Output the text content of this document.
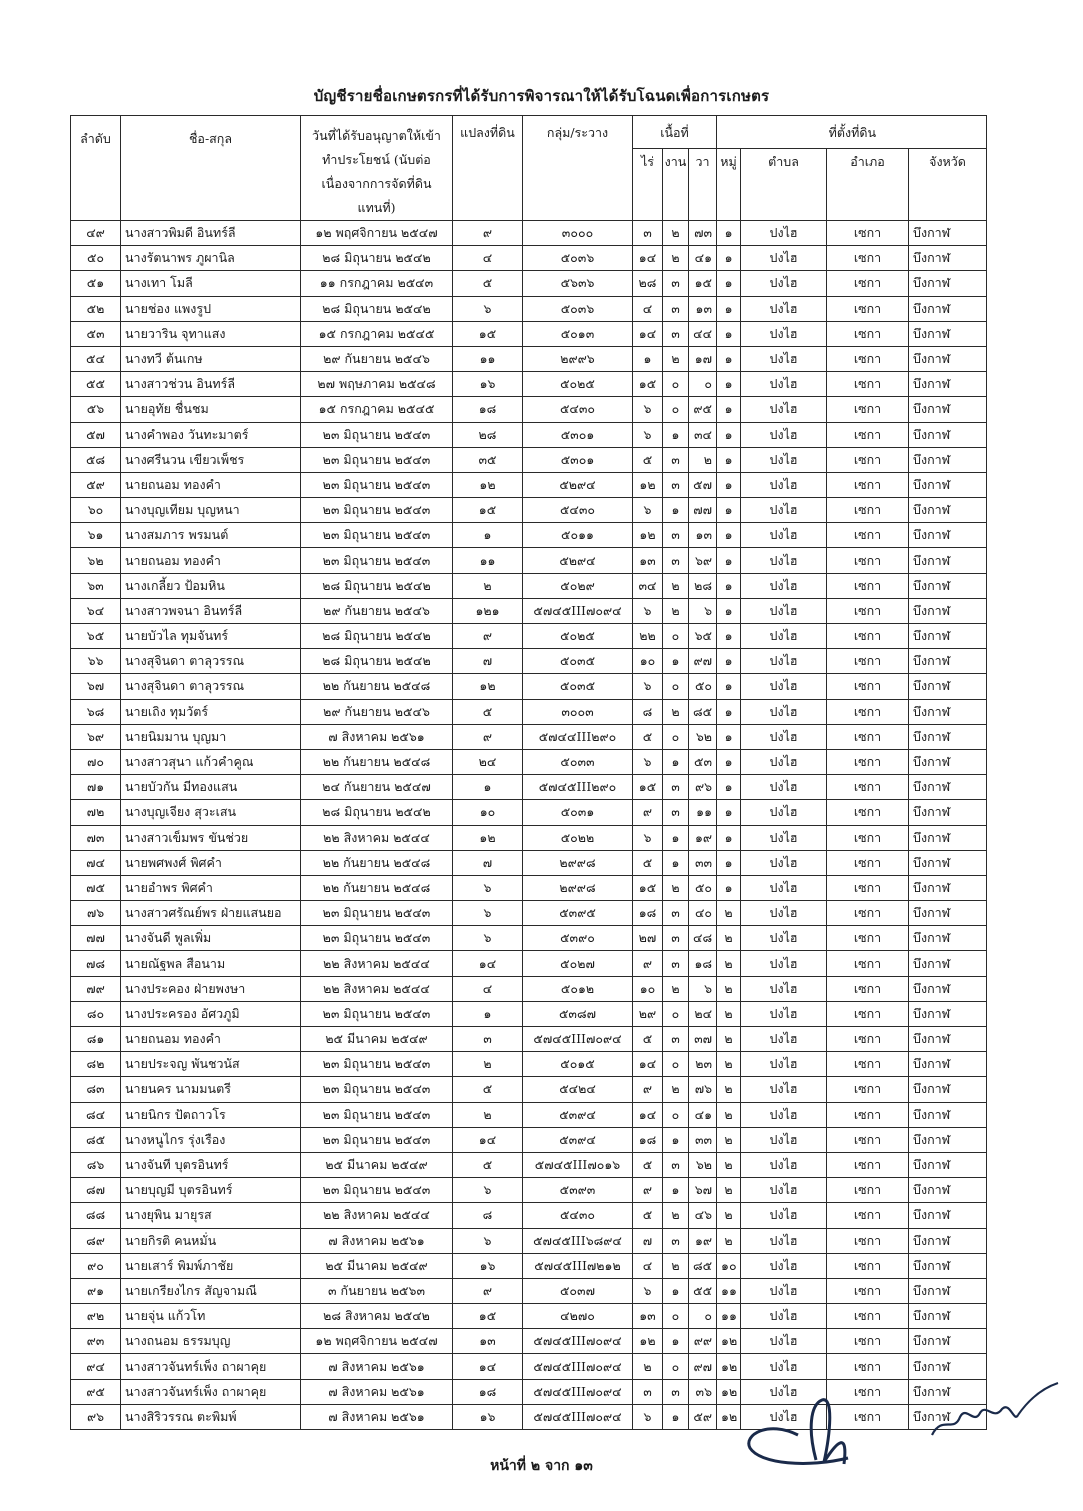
บัญชีรายชื่อเกษตรกรที่ได้รับการพิจารณาให้ได้รับโฉนดเพื่อการเกษตร
ลำดับ	ชื่อ-สกุล	วันที่ได้รับอนุญาตให้เข้าทำประโยชน์ (นับต่อเนื่องจากการจัดที่ดินแทนที่)	แปลงที่ดิน	กลุ่ม/ระวาง	เนื้อที่			ที่ตั้งที่ดิน			
					ไร่	งาน	วา	หมู่	ตำบล	อำเภอ	จังหวัด
๔๙	นางสาวพิมดี อินทร์ลี	๑๒ พฤศจิกายน ๒๕๔๗	๙	๓๐๐๐	๓	๒	๗๓	๑	ปงไฮ	เซกา	บึงกาฬ
๕๐	นางรัตนาพร ภูผานิล	๒๘ มิถุนายน ๒๕๔๒	๔	๕๐๓๖	๑๔	๒	๔๑	๑	ปงไฮ	เซกา	บึงกาฬ
๕๑	นางเทา โมลี	๑๑ กรกฎาคม ๒๕๔๓	๕	๕๖๓๖	๒๘	๓	๑๕	๑	ปงไฮ	เซกา	บึงกาฬ
๕๒	นายช่อง แพงรูป	๒๘ มิถุนายน ๒๕๔๒	๖	๕๐๓๖	๔	๓	๑๓	๑	ปงไฮ	เซกา	บึงกาฬ
๕๓	นายวาริน จุทาแสง	๑๕ กรกฎาคม ๒๕๔๕	๑๕	๕๐๑๓	๑๔	๓	๔๔	๑	ปงไฮ	เซกา	บึงกาฬ
๕๔	นางทวี ต้นเกษ	๒๙ กันยายน ๒๕๔๖	๑๑	๒๙๙๖	๑	๒	๑๗	๑	ปงไฮ	เซกา	บึงกาฬ
๕๕	นางสาวช่วน อินทร์ลี	๒๗ พฤษภาคม ๒๕๔๘	๑๖	๕๐๒๕	๑๕	๐	๐	๑	ปงไฮ	เซกา	บึงกาฬ
๕๖	นายอุทัย ชื่นชม	๑๕ กรกฎาคม ๒๕๔๕	๑๘	๕๔๓๐	๖	๐	๙๕	๑	ปงไฮ	เซกา	บึงกาฬ
๕๗	นางคำพอง วันทะมาตร์	๒๓ มิถุนายน ๒๕๔๓	๒๘	๕๓๐๑	๖	๑	๓๔	๑	ปงไฮ	เซกา	บึงกาฬ
๕๘	นางศรีนวน เขียวเพ็ชร	๒๓ มิถุนายน ๒๕๔๓	๓๕	๕๓๐๑	๕	๓	๒	๑	ปงไฮ	เซกา	บึงกาฬ
๕๙	นายถนอม ทองคำ	๒๓ มิถุนายน ๒๕๔๓	๑๒	๕๒๙๔	๑๒	๓	๕๗	๑	ปงไฮ	เซกา	บึงกาฬ
๖๐	นางบุญเทียม บุญหนา	๒๓ มิถุนายน ๒๕๔๓	๑๕	๕๔๓๐	๖	๑	๗๗	๑	ปงไฮ	เซกา	บึงกาฬ
๖๑	นางสมภาร พรมนต์	๒๓ มิถุนายน ๒๕๔๓	๑	๕๐๑๑	๑๒	๓	๑๓	๑	ปงไฮ	เซกา	บึงกาฬ
๖๒	นายถนอม ทองคำ	๒๓ มิถุนายน ๒๕๔๓	๑๑	๕๒๙๔	๑๓	๓	๖๙	๑	ปงไฮ	เซกา	บึงกาฬ
๖๓	นางเกลี้ยว ป้อมหิน	๒๘ มิถุนายน ๒๕๔๒	๒	๕๐๒๙	๓๔	๒	๒๘	๑	ปงไฮ	เซกา	บึงกาฬ
๖๔	นางสาวพจนา อินทร์ลี	๒๙ กันยายน ๒๕๔๖	๑๒๑	๕๗๔๕III๗๐๙๔	๖	๒	๖	๑	ปงไฮ	เซกา	บึงกาฬ
๖๕	นายบัวไล ทุมจันทร์	๒๘ มิถุนายน ๒๕๔๒	๙	๕๐๒๕	๒๒	๐	๖๕	๑	ปงไฮ	เซกา	บึงกาฬ
๖๖	นางสุจินดา ตาลุวรรณ	๒๘ มิถุนายน ๒๕๔๒	๗	๕๐๓๕	๑๐	๑	๙๗	๑	ปงไฮ	เซกา	บึงกาฬ
๖๗	นางสุจินดา ตาลุวรรณ	๒๒ กันยายน ๒๕๔๘	๑๒	๕๐๓๕	๖	๐	๕๐	๑	ปงไฮ	เซกา	บึงกาฬ
๖๘	นายเถิง ทุมวัตร์	๒๙ กันยายน ๒๕๔๖	๕	๓๐๐๓	๘	๒	๘๕	๑	ปงไฮ	เซกา	บึงกาฬ
๖๙	นายนิมมาน บุญมา	๗ สิงหาคม ๒๕๖๑	๙	๕๗๔๔III๒๙๐	๕	๐	๖๒	๑	ปงไฮ	เซกา	บึงกาฬ
๗๐	นางสาวสุนา แก้วคำคูณ	๒๒ กันยายน ๒๕๔๘	๒๔	๕๐๓๓	๖	๑	๕๓	๑	ปงไฮ	เซกา	บึงกาฬ
๗๑	นายบัวกัน มีทองแสน	๒๔ กันยายน ๒๕๔๗	๑	๕๗๔๕III๒๙๐	๑๕	๓	๙๖	๑	ปงไฮ	เซกา	บึงกาฬ
๗๒	นางบุญเจียง สุวะเสน	๒๘ มิถุนายน ๒๕๔๒	๑๐	๕๐๓๑	๙	๓	๑๑	๑	ปงไฮ	เซกา	บึงกาฬ
๗๓	นางสาวเข็มพร ขันช่วย	๒๒ สิงหาคม ๒๕๔๔	๑๒	๕๐๒๒	๖	๑	๑๙	๑	ปงไฮ	เซกา	บึงกาฬ
๗๔	นายพศพงศ์ พิศคำ	๒๒ กันยายน ๒๕๔๘	๗	๒๙๙๘	๕	๑	๓๓	๑	ปงไฮ	เซกา	บึงกาฬ
๗๕	นายอำพร พิศคำ	๒๒ กันยายน ๒๕๔๘	๖	๒๙๙๘	๑๕	๒	๕๐	๑	ปงไฮ	เซกา	บึงกาฬ
๗๖	นางสาวศรัณย์พร ฝ่ายแสนยอ	๒๓ มิถุนายน ๒๕๔๓	๖	๕๓๙๕	๑๘	๓	๔๐	๒	ปงไฮ	เซกา	บึงกาฬ
๗๗	นางจันดี พูลเพิ่ม	๒๓ มิถุนายน ๒๕๔๓	๖	๕๓๙๐	๒๗	๓	๔๘	๒	ปงไฮ	เซกา	บึงกาฬ
๗๘	นายณัฐพล สือนาม	๒๒ สิงหาคม ๒๕๔๔	๑๔	๕๐๒๗	๙	๓	๑๘	๒	ปงไฮ	เซกา	บึงกาฬ
๗๙	นางประคอง ฝ่ายพงษา	๒๒ สิงหาคม ๒๕๔๔	๔	๕๐๑๒	๑๐	๒	๖	๒	ปงไฮ	เซกา	บึงกาฬ
๘๐	นางประครอง อัศวภูมิ	๒๓ มิถุนายน ๒๕๔๓	๑	๕๓๘๗	๒๙	๐	๒๔	๒	ปงไฮ	เซกา	บึงกาฬ
๘๑	นายถนอม ทองคำ	๒๕ มีนาคม ๒๕๔๙	๓	๕๗๔๕III๗๐๙๔	๕	๓	๓๗	๒	ปงไฮ	เซกา	บึงกาฬ
๘๒	นายประจญ พันชวนัส	๒๓ มิถุนายน ๒๕๔๓	๒	๕๐๑๕	๑๔	๐	๒๓	๒	ปงไฮ	เซกา	บึงกาฬ
๘๓	นายนคร นามมนตรี	๒๓ มิถุนายน ๒๕๔๓	๕	๕๔๒๔	๙	๒	๗๖	๒	ปงไฮ	เซกา	บึงกาฬ
๘๔	นายนิกร ปัตถาวโร	๒๓ มิถุนายน ๒๕๔๓	๒	๕๓๙๔	๑๔	๐	๔๑	๒	ปงไฮ	เซกา	บึงกาฬ
๘๕	นางหนูไกร รุ่งเรือง	๒๓ มิถุนายน ๒๕๔๓	๑๔	๕๓๙๔	๑๘	๑	๓๓	๒	ปงไฮ	เซกา	บึงกาฬ
๘๖	นางจันที บุตรอินทร์	๒๕ มีนาคม ๒๕๔๙	๕	๕๗๔๕III๗๐๑๖	๕	๓	๖๒	๒	ปงไฮ	เซกา	บึงกาฬ
๘๗	นายบุญมี บุตรอินทร์	๒๓ มิถุนายน ๒๕๔๓	๖	๕๓๙๓	๙	๑	๖๗	๒	ปงไฮ	เซกา	บึงกาฬ
๘๘	นางยุพิน มายุรส	๒๒ สิงหาคม ๒๕๔๔	๘	๕๔๓๐	๕	๒	๔๖	๒	ปงไฮ	เซกา	บึงกาฬ
๘๙	นายกิรติ คนหมั่น	๗ สิงหาคม ๒๕๖๑	๖	๕๗๔๕III๖๘๙๔	๗	๓	๑๙	๒	ปงไฮ	เซกา	บึงกาฬ
๙๐	นายเสาร์ พิมพ์ภาชัย	๒๕ มีนาคม ๒๕๔๙	๑๖	๕๗๔๕III๗๒๑๒	๔	๒	๘๕	๑๐	ปงไฮ	เซกา	บึงกาฬ
๙๑	นายเกรียงไกร สัญจามณี	๓ กันยายน ๒๕๖๓	๙	๕๐๓๗	๖	๑	๕๕	๑๑	ปงไฮ	เซกา	บึงกาฬ
๙๒	นายจุ่น แก้วโท	๒๘ สิงหาคม ๒๕๔๒	๑๕	๔๒๗๐	๑๓	๐	๐	๑๑	ปงไฮ	เซกา	บึงกาฬ
๙๓	นางถนอม ธรรมบุญ	๑๒ พฤศจิกายน ๒๕๔๗	๑๓	๕๗๔๕III๗๐๙๔	๑๒	๑	๙๙	๑๒	ปงไฮ	เซกา	บึงกาฬ
๙๔	นางสาวจันทร์เพ็ง ถาผาคุย	๗ สิงหาคม ๒๕๖๑	๑๔	๕๗๔๕III๗๐๙๔	๒	๐	๙๗	๑๒	ปงไฮ	เซกา	บึงกาฬ
๙๕	นางสาวจันทร์เพ็ง ถาผาคุย	๗ สิงหาคม ๒๕๖๑	๑๘	๕๗๔๕III๗๐๙๔	๓	๓	๓๖	๑๒	ปงไฮ	เซกา	บึงกาฬ
๙๖	นางสิริวรรณ ตะพิมพ์	๗ สิงหาคม ๒๕๖๑	๑๖	๕๗๔๕III๗๐๙๔	๖	๑	๕๙	๑๒	ปงไฮ	เซกา	บึงกาฬ
หน้าที่ ๒ จาก ๑๓
